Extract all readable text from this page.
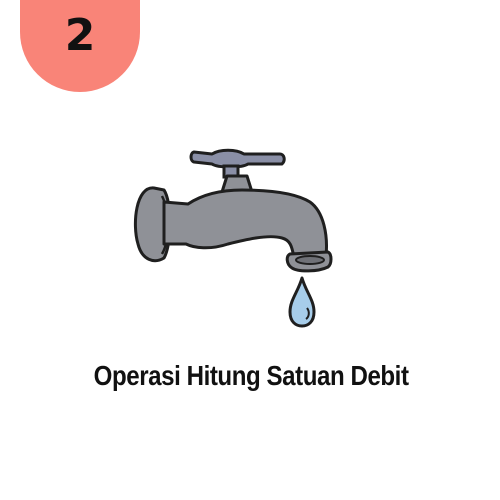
2
Operasi Hitung Satuan Debit
